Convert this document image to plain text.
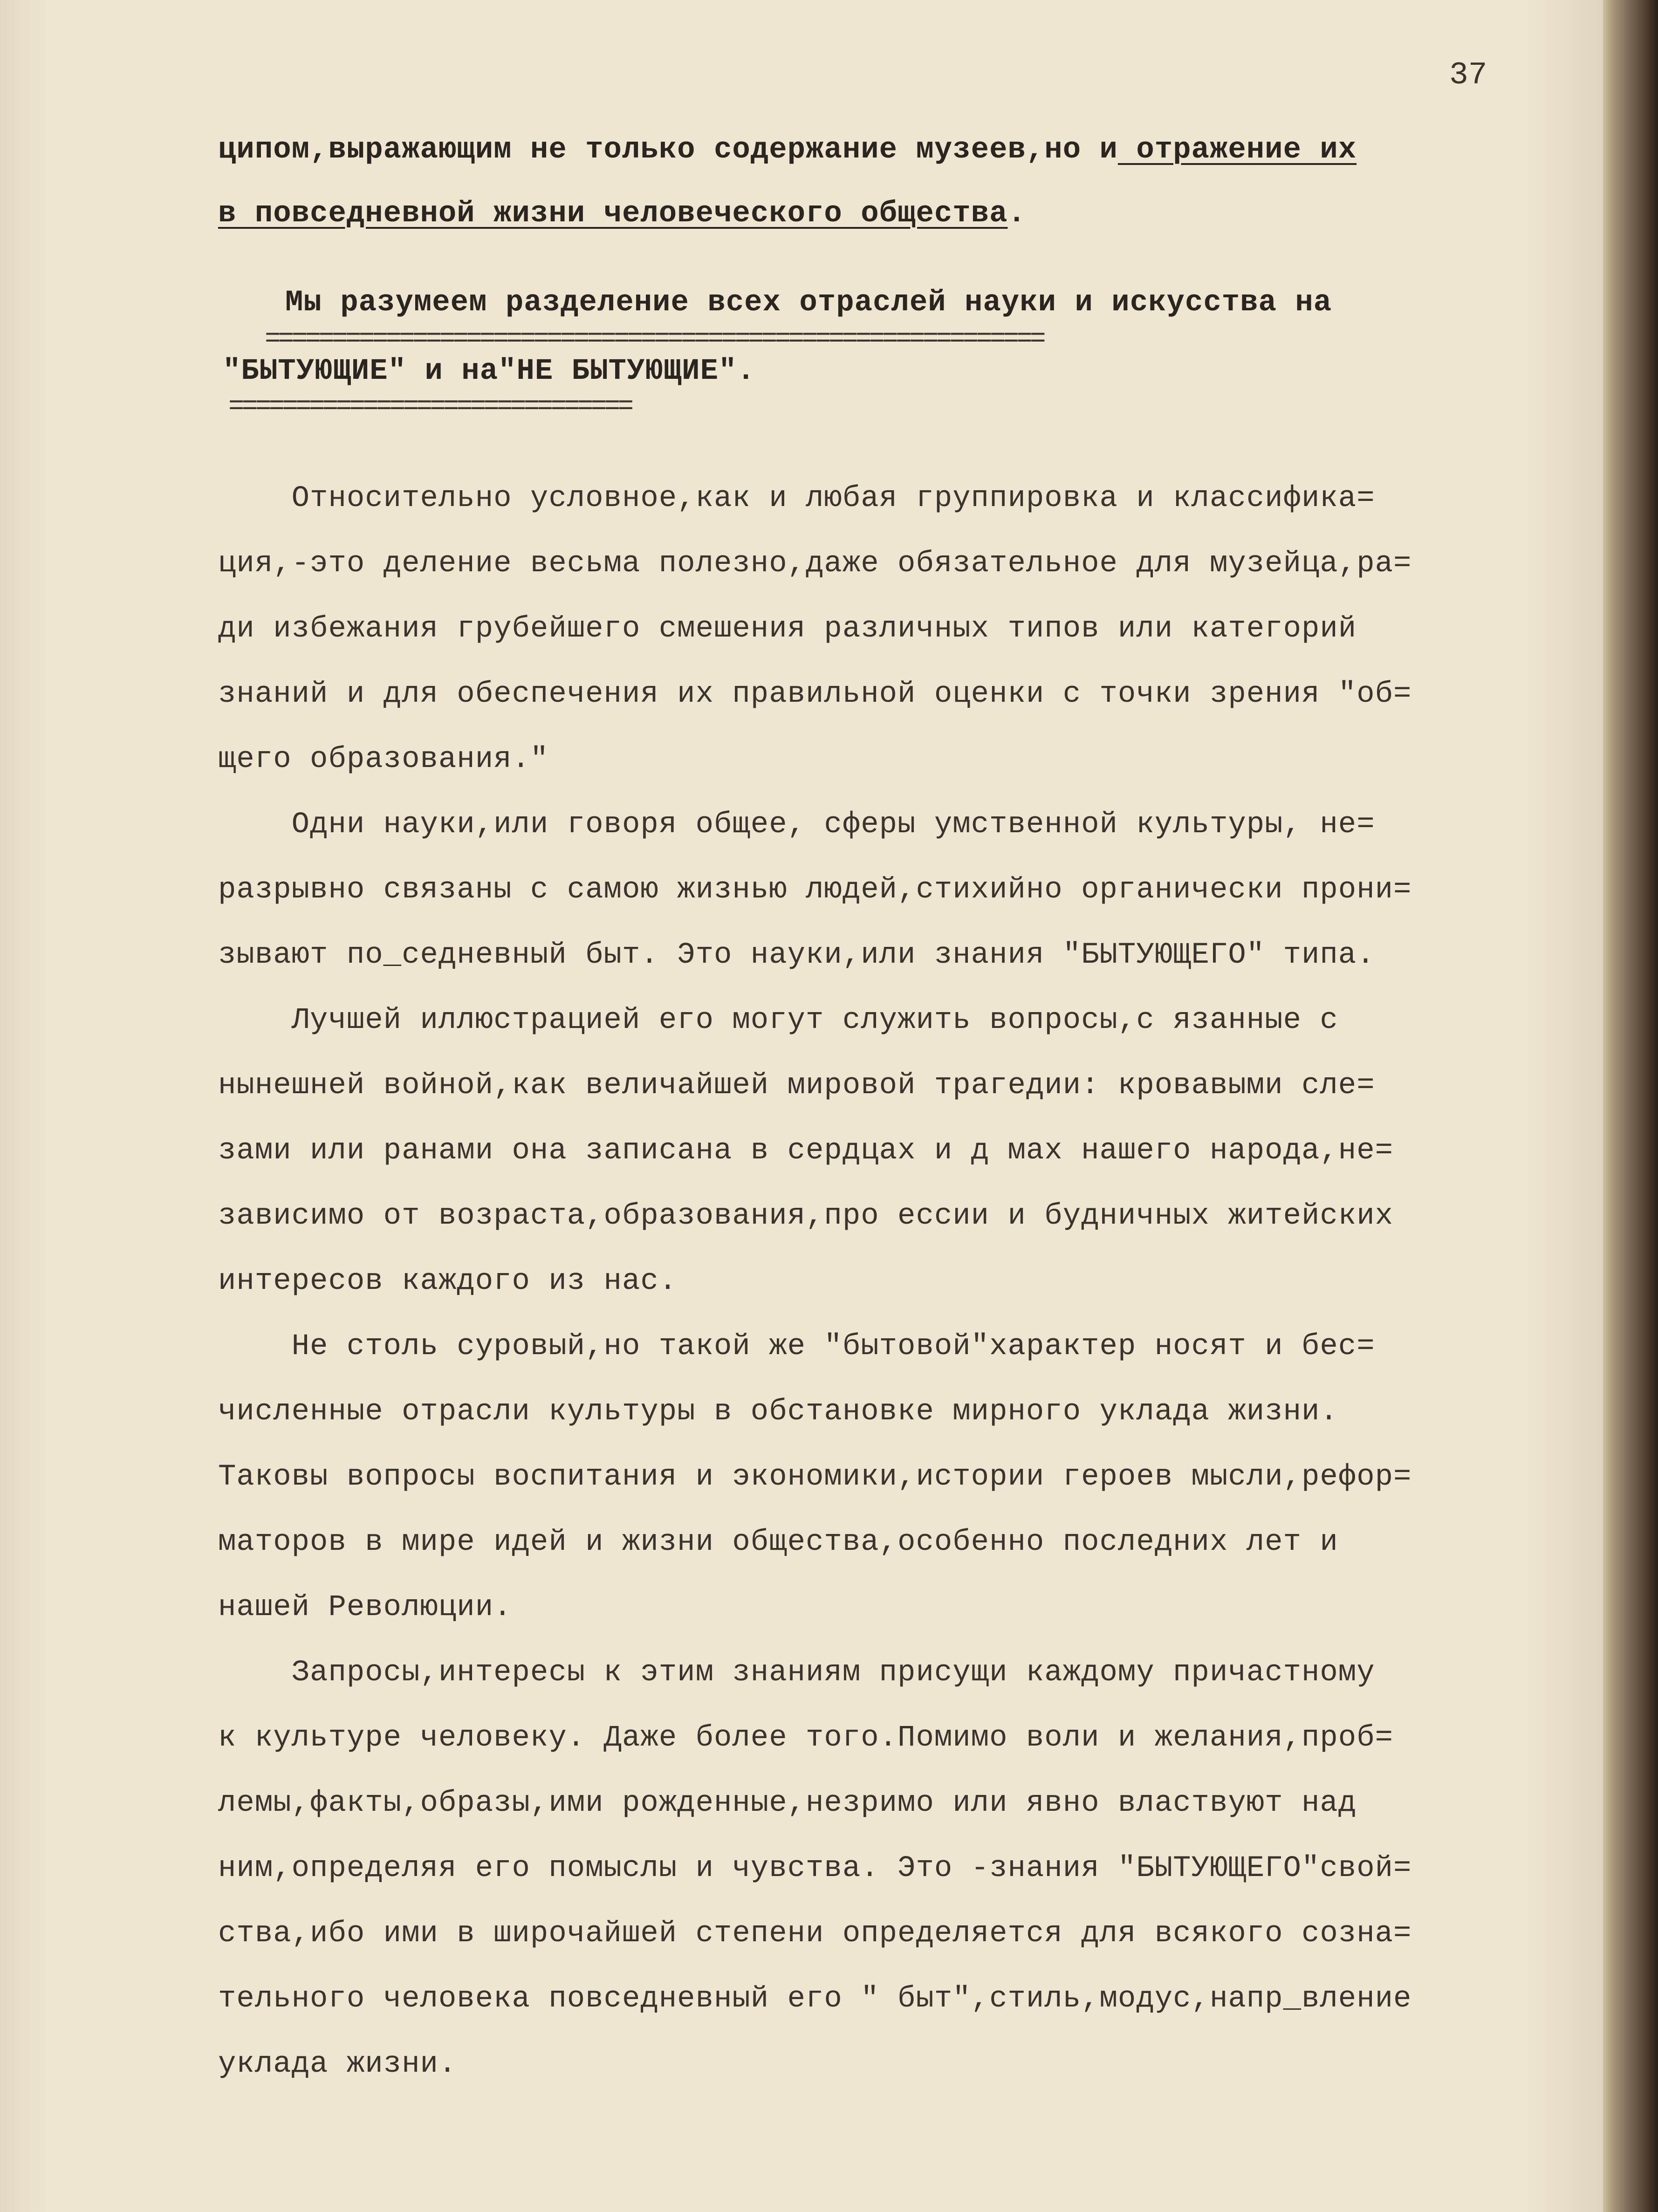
37
ципом,выражающим не только содержание музеев,но и отражение их
в повседневной жизни человеческого общества.
Мы разумеем разделение всех отраслей науки и искусства на
==========================================================
"БЫТУЮЩИЕ" и на"НЕ БЫТУЮЩИЕ".
==============================
Относительно условное,как и любая группировка и классифика=
ция,-это деление весьма полезно,даже обязательное для музейца,ра=
ди избежания грубейшего смешения различных типов или категорий
знаний и для обеспечения их правильной оценки с точки зрения "об=
щего образования."
Одни науки,или говоря общее, сферы умственной культуры, не=
разрывно связаны с самою жизнью людей,стихийно органически прони=
зывают по_седневный быт. Это науки,или знания "БЫТУЮЩЕГО" типа.
Лучшей иллюстрацией его могут служить вопросы,с язанные с
нынешней войной,как величайшей мировой трагедии: кровавыми сле=
зами или ранами она записана в сердцах и д мах нашего народа,не=
зависимо от возраста,образования,про ессии и будничных житейских
интересов каждого из нас.
Не столь суровый,но такой же "бытовой"характер носят и бес=
численные отрасли культуры в обстановке мирного уклада жизни.
Таковы вопросы воспитания и экономики,истории героев мысли,рефор=
маторов в мире идей и жизни общества,особенно последних лет и
нашей Революции.
Запросы,интересы к этим знаниям присущи каждому причастному
к культуре человеку. Даже более того.Помимо воли и желания,проб=
лемы,факты,образы,ими рожденные,незримо или явно властвуют над
ним,определяя его помыслы и чувства. Это -знания "БЫТУЮЩЕГО"свой=
ства,ибо ими в широчайшей степени определяется для всякого созна=
тельного человека повседневный его " быт",стиль,модус,напр_вление
уклада жизни.
